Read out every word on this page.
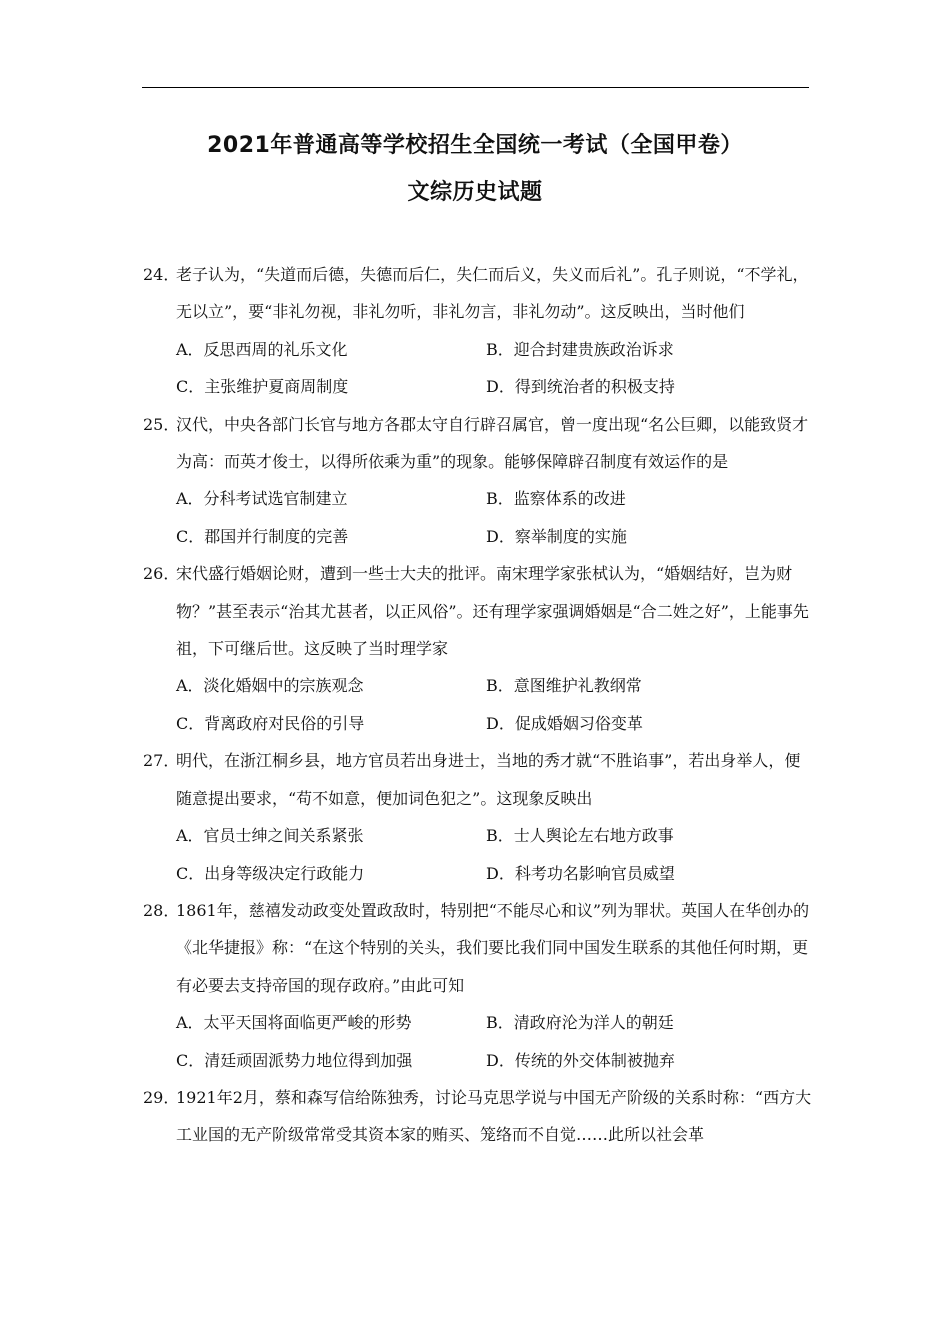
2021年普通高等学校招生全国统一考试（全国甲卷）
文综历史试题

24．
老子认为，“失道而后德，失德而后仁，失仁而后义，失义而后礼”。孔子则说，“不学礼，无以立”，要“非礼勿视，非礼勿听，非礼勿言，非礼勿动”。这反映出，当时他们

A．反思西周的礼乐文化	B．迎合封建贵族政治诉求
C．主张维护夏商周制度	D．得到统治者的积极支持

25．
汉代，中央各部门长官与地方各郡太守自行辟召属官，曾一度出现“名公巨卿，以能致贤才为高：而英才俊士，以得所依乘为重”的现象。能够保障辟召制度有效运作的是

A．分科考试选官制建立	B．监察体系的改进
C．郡国并行制度的完善	D．察举制度的实施

26．
宋代盛行婚姻论财，遭到一些士大夫的批评。南宋理学家张栻认为，“婚姻结好，岂为财物？”甚至表示“治其尤甚者，以正风俗”。还有理学家强调婚姻是“合二姓之好”，上能事先祖，下可继后世。这反映了当时理学家

A．淡化婚姻中的宗族观念	B．意图维护礼教纲常
C．背离政府对民俗的引导	D．促成婚姻习俗变革

27．
明代，在浙江桐乡县，地方官员若出身进士，当地的秀才就“不胜谄事”，若出身举人，便随意提出要求，“苟不如意，便加词色犯之”。这现象反映出

A．官员士绅之间关系紧张	B．士人舆论左右地方政事
C．出身等级决定行政能力	D．科考功名影响官员威望

28．
1861年，慈禧发动政变处置政敌时，特别把“不能尽心和议”列为罪状。英国人在华创办的《北华捷报》称：“在这个特别的关头，我们要比我们同中国发生联系的其他任何时期，更有必要去支持帝国的现存政府。”由此可知

A．太平天国将面临更严峻的形势	B．清政府沦为洋人的朝廷
C．清廷顽固派势力地位得到加强	D．传统的外交体制被抛弃

29．
1921年2月，蔡和森写信给陈独秀，讨论马克思学说与中国无产阶级的关系时称：“西方大工业国的无产阶级常常受其资本家的贿买、笼络而不自觉……此所以社会革
